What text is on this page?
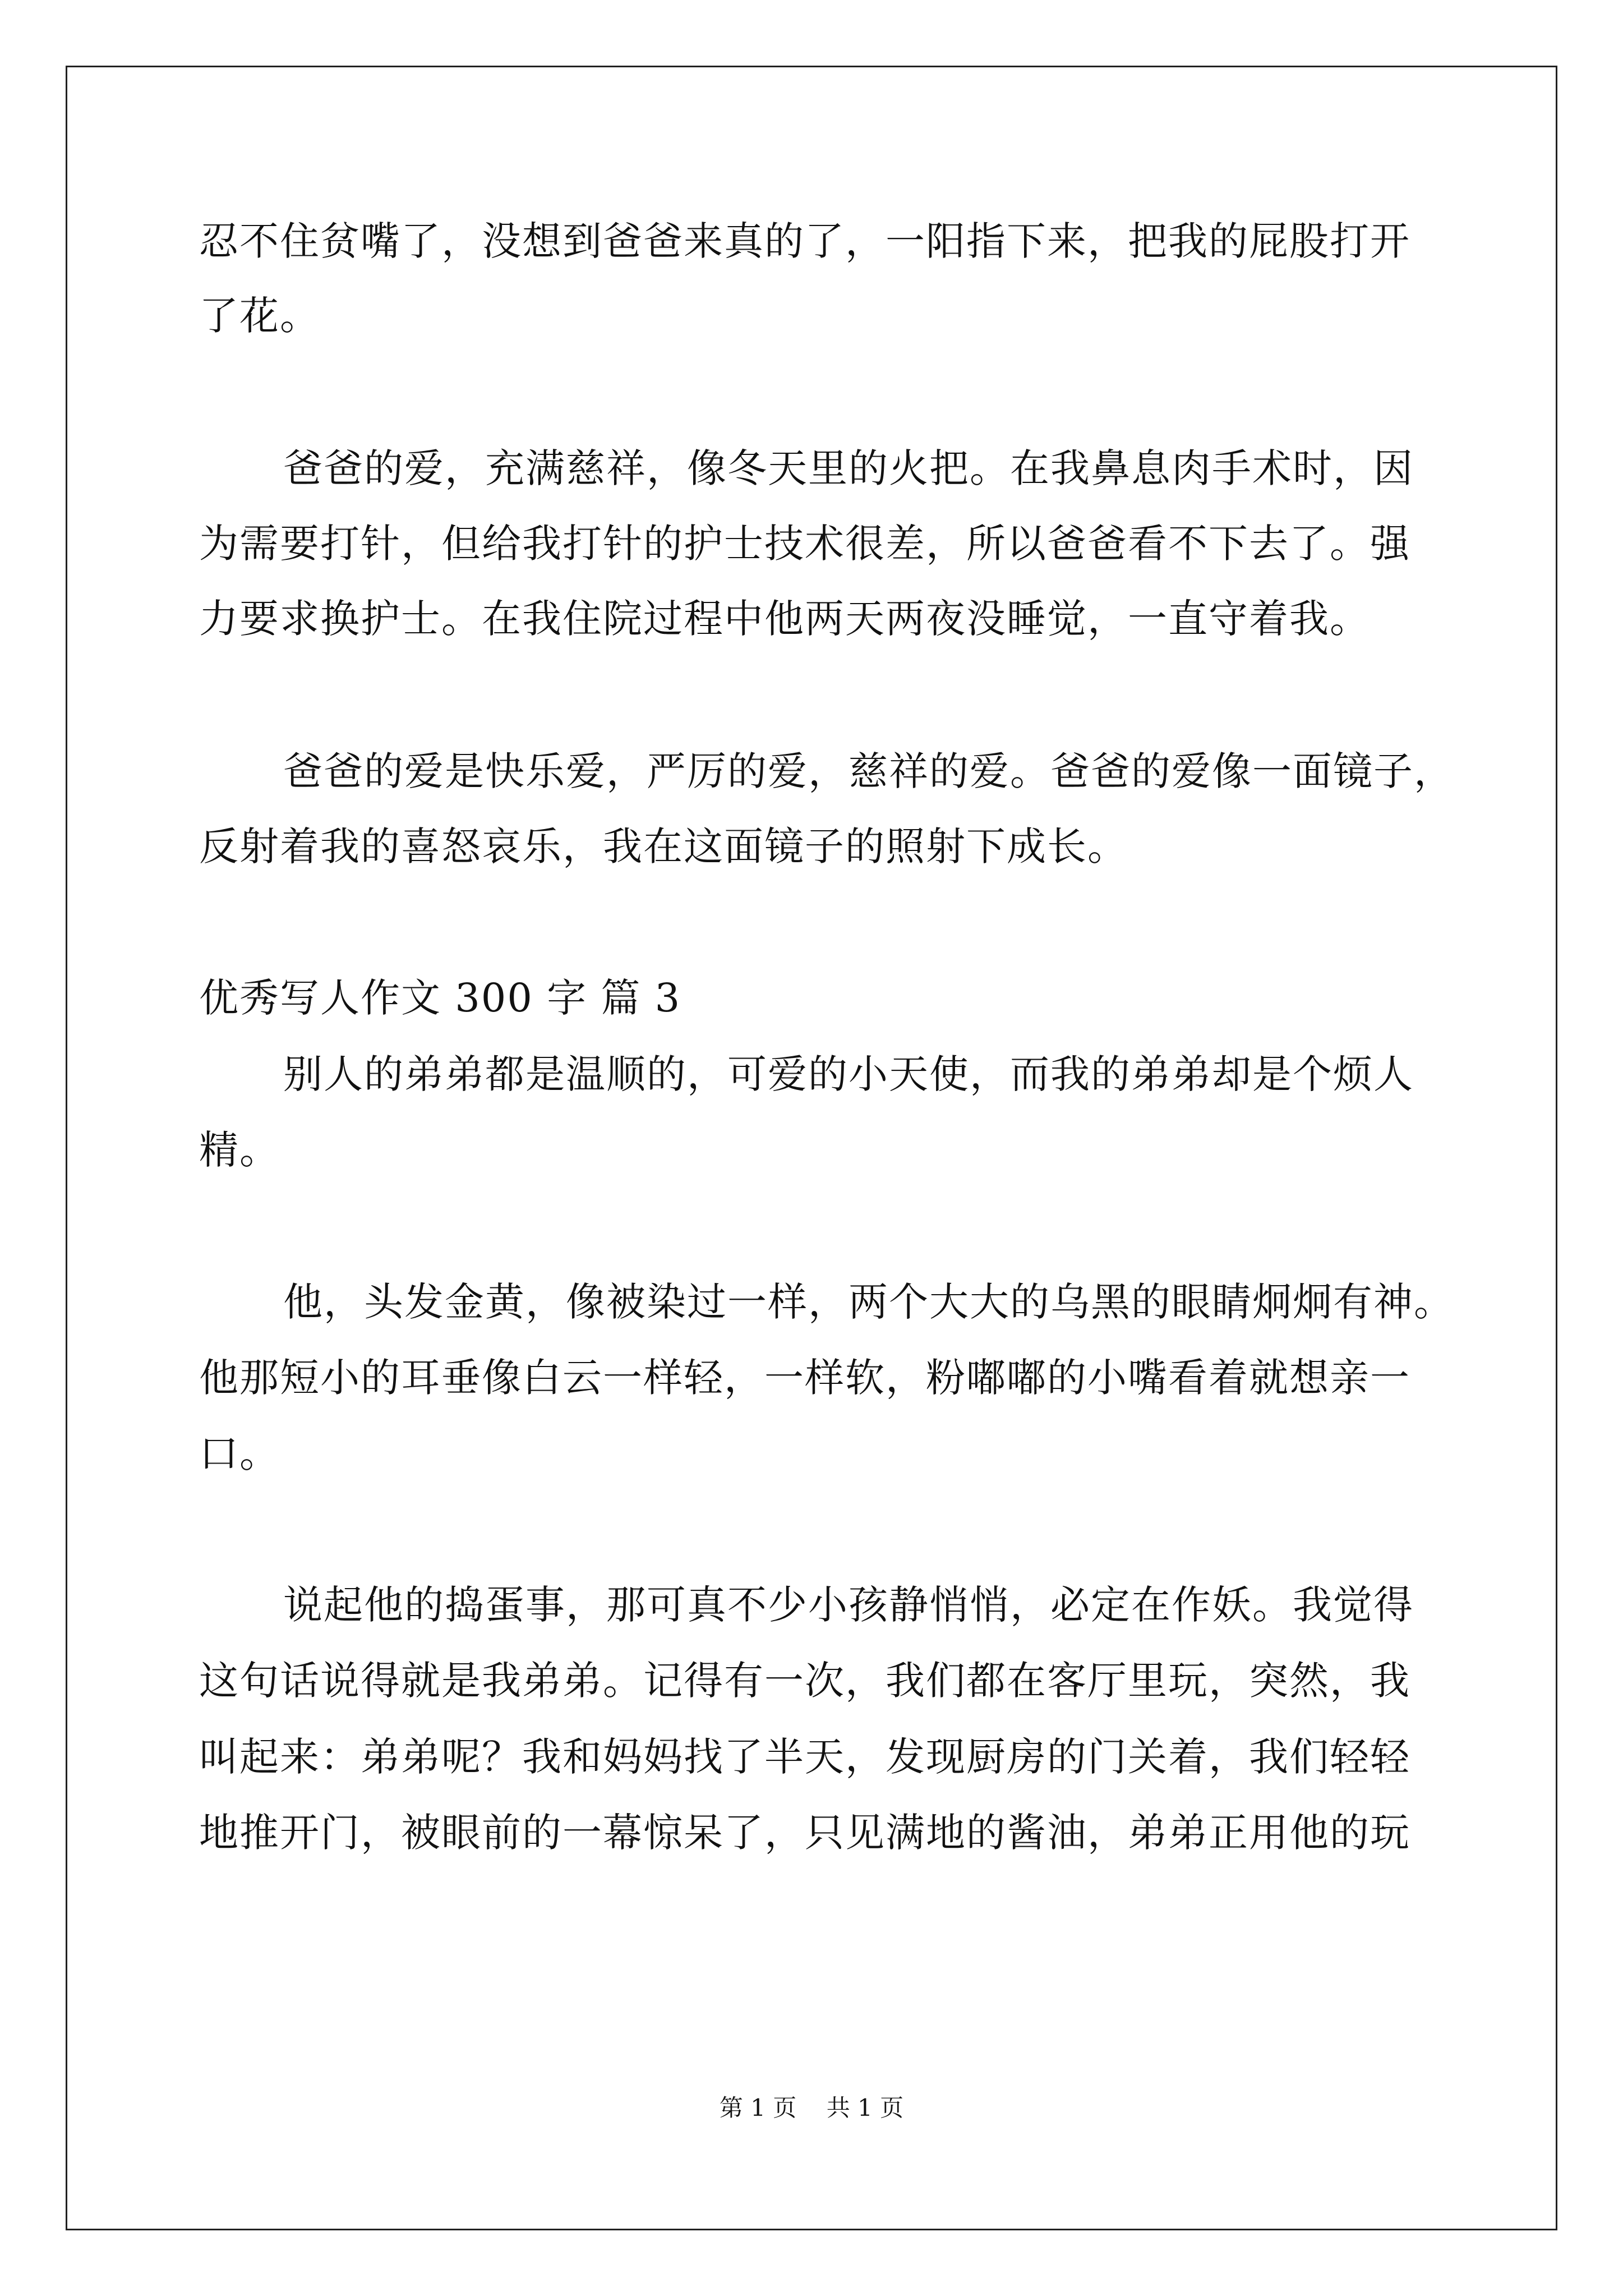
忍不住贫嘴了，没想到爸爸来真的了，一阳指下来，把我的屁股打开
了花。
爸爸的爱，充满慈祥，像冬天里的火把。在我鼻息肉手术时，因
为需要打针，但给我打针的护士技术很差，所以爸爸看不下去了。强
力要求换护士。在我住院过程中他两天两夜没睡觉，一直守着我。
爸爸的爱是快乐爱，严厉的爱，慈祥的爱。爸爸的爱像一面镜子，
反射着我的喜怒哀乐，我在这面镜子的照射下成长。
优秀写人作文 300 字 篇 3
别人的弟弟都是温顺的，可爱的小天使，而我的弟弟却是个烦人
精。
他，头发金黄，像被染过一样，两个大大的乌黑的眼睛炯炯有神。
他那短小的耳垂像白云一样轻，一样软，粉嘟嘟的小嘴看着就想亲一
口。
说起他的捣蛋事，那可真不少小孩静悄悄，必定在作妖。我觉得
这句话说得就是我弟弟。记得有一次，我们都在客厅里玩，突然，我
叫起来：弟弟呢？我和妈妈找了半天，发现厨房的门关着，我们轻轻
地推开门，被眼前的一幕惊呆了，只见满地的酱油，弟弟正用他的玩
第 1 页    共 1 页
